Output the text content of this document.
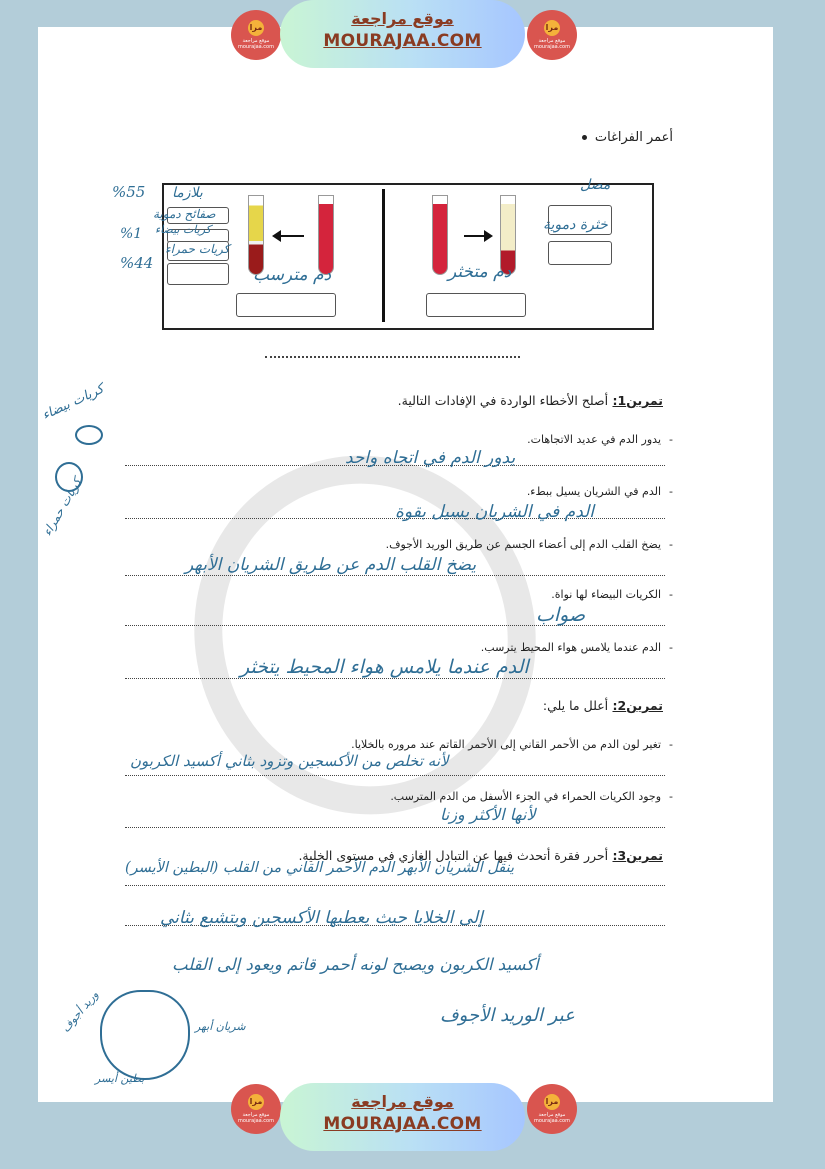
مرا
موقع مراجعة mourajaa.com
موقع مراجعة
MOURAJAA.COM
مرا
موقع مراجعة mourajaa.com
أعمر الفراغات
دم مترسب	دم متخثر
بلازما
صفائح دموية
كريات بيضاء
كريات حمراء
مصل
خثرة دموية
%55
%1
%44
تمرين1: أصلح الأخطاء الواردة في الإفادات التالية.
- يدور الدم في عديد الاتجاهات.
يدور الدم في اتجاه واحد
- الدم في الشريان يسيل ببطء.
الدم في الشريان يسيل بقوة
- يضخ القلب الدم إلى أعضاء الجسم عن طريق الوريد الأجوف.
يضخ القلب الدم عن طريق الشريان الأبهر
- الكريات البيضاء لها نواة.
صواب
- الدم عندما يلامس هواء المحيط يترسب.
الدم عندما يلامس هواء المحيط يتخثر
تمرين2: أعلل ما يلي:
- تغير لون الدم من الأحمر القاني إلى الأحمر القاتم عند مروره بالخلايا.
لأنه تخلص من الأكسجين وتزود بثاني أكسيد الكربون
- وجود الكريات الحمراء في الجزء الأسفل من الدم المترسب.
لأنها الأكثر وزنا
تمرين3: أحرر فقرة أتحدث فيها عن التبادل الغازي في مستوى الخلية.
ينقل الشريان الأبهر الدم الأحمر القاني من القلب (البطين الأيسر)
إلى الخلايا حيث يعطيها الأكسجين ويتشبع بثاني
أكسيد الكربون ويصبح لونه أحمر قاتم ويعود إلى القلب
عبر الوريد الأجوف
كريات بيضاء
كريات حمراء
شريان أبهر
وريد أجوف
بطين أيسر
مرا
موقع مراجعة mourajaa.com
موقع مراجعة
MOURAJAA.COM
مرا
موقع مراجعة mourajaa.com
